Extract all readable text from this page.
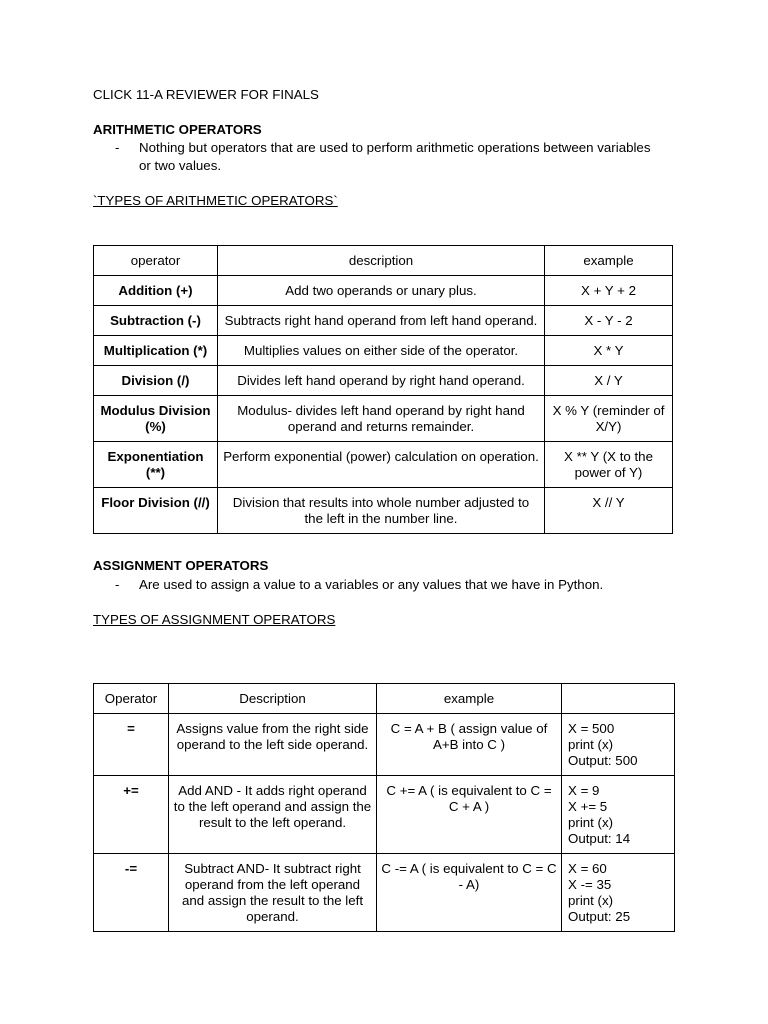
CLICK 11-A REVIEWER FOR FINALS
ARITHMETIC OPERATORS
- Nothing but operators that are used to perform arithmetic operations between variables or two values.
`TYPES OF ARITHMETIC OPERATORS`
operator	description	example
Addition (+)	Add two operands or unary plus.	X + Y + 2
Subtraction (-)	Subtracts right hand operand from left hand operand.	X - Y - 2
Multiplication (*)	Multiplies values on either side of the operator.	X * Y
Division (/)	Divides left hand operand by right hand operand.	X / Y
Modulus Division (%)	Modulus- divides left hand operand by right hand operand and returns remainder.	X % Y (reminder of X/Y)
Exponentiation (**)	Perform exponential (power) calculation on operation.	X ** Y (X to the power of Y)
Floor Division (//)	Division that results into whole number adjusted to the left in the number line.	X // Y
ASSIGNMENT OPERATORS
- Are used to assign a value to a variables or any values that we have in Python.
TYPES OF ASSIGNMENT OPERATORS
Operator	Description	example	
=	Assigns value from the right side operand to the left side operand.	C = A + B ( assign value of A+B into C )	X = 500
print (x)
Output: 500

+=	Add AND - It adds right operand to the left operand and assign the result to the left operand.	C += A ( is equivalent to C = C + A )	X = 9
X += 5
print (x)
Output: 14

-=	Subtract AND- It subtract right operand from the left operand and assign the result to the left operand.	C -= A ( is equivalent to C = C - A)	X = 60
X -= 35
print (x)
Output: 25
